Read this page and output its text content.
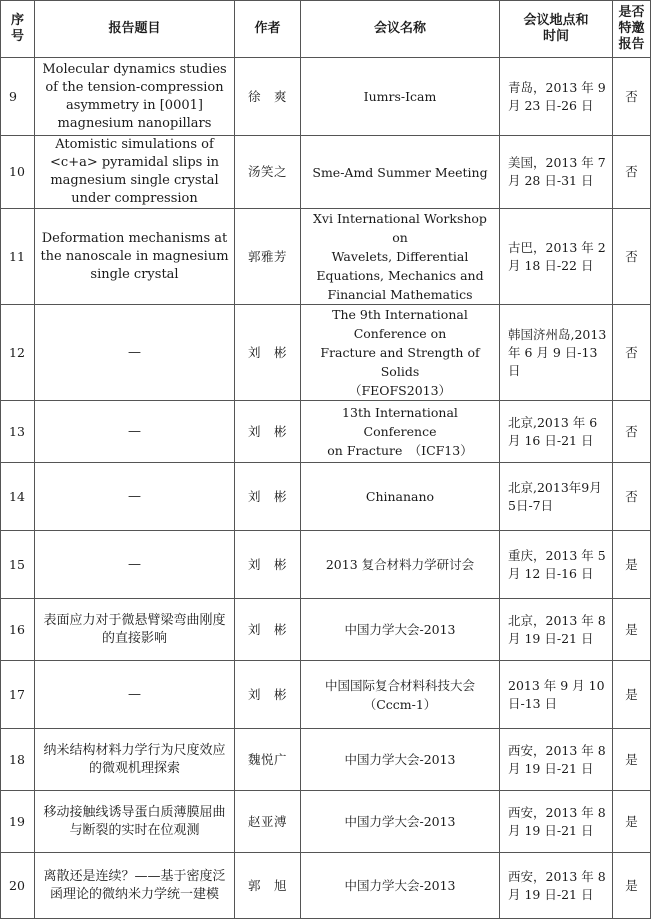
序号	报告题目	作者	会议名称	会议地点和时间	是否特邀报告
9	Molecular dynamics studies of the tension-compression asymmetry in [0001] magnesium nanopillars	徐　爽	Iumrs-Icam	青岛，2013 年 9 月 23 日-26 日	否
10	Atomistic simulations of <c+a> pyramidal slips in magnesium single crystal under compression	汤笑之	Sme-Amd Summer Meeting	美国，2013 年 7 月 28 日-31 日	否
11	Deformation mechanisms at the nanoscale in magnesium single crystal	郭雅芳	Xvi International Workshop on
Wavelets, Differential
Equations, Mechanics and
Financial Mathematics	古巴，2013 年 2 月 18 日-22 日	否
12	—	刘　彬	The 9th International
Conference on
Fracture and Strength of Solids
（FEOFS2013）	韩国济州岛,2013 年 6 月 9 日-13 日	否
13	—	刘　彬	13th International Conference
on Fracture　（ICF13）	北京,2013 年 6 月 16 日-21 日	否
14	—	刘　彬	Chinanano	北京,2013年9月5日-7日	否
15	—	刘　彬	2013 复合材料力学研讨会	重庆，2013 年 5 月 12 日-16 日	是
16	表面应力对于微悬臂梁弯曲刚度的直接影响	刘　彬	中国力学大会-2013	北京，2013 年 8 月 19 日-21 日	是
17	—	刘　彬	中国国际复合材料科技大会
（Cccm-1）	2013 年 9 月 10 日-13 日	是
18	纳米结构材料力学行为尺度效应的微观机理探索	魏悦广	中国力学大会-2013	西安，2013 年 8 月 19 日-21 日	是
19	移动接触线诱导蛋白质薄膜屈曲与断裂的实时在位观测	赵亚溥	中国力学大会-2013	西安，2013 年 8 月 19 日-21 日	是
20	离散还是连续？——基于密度泛函理论的微纳米力学统一建模	郭　旭	中国力学大会-2013	西安，2013 年 8 月 19 日-21 日	是
